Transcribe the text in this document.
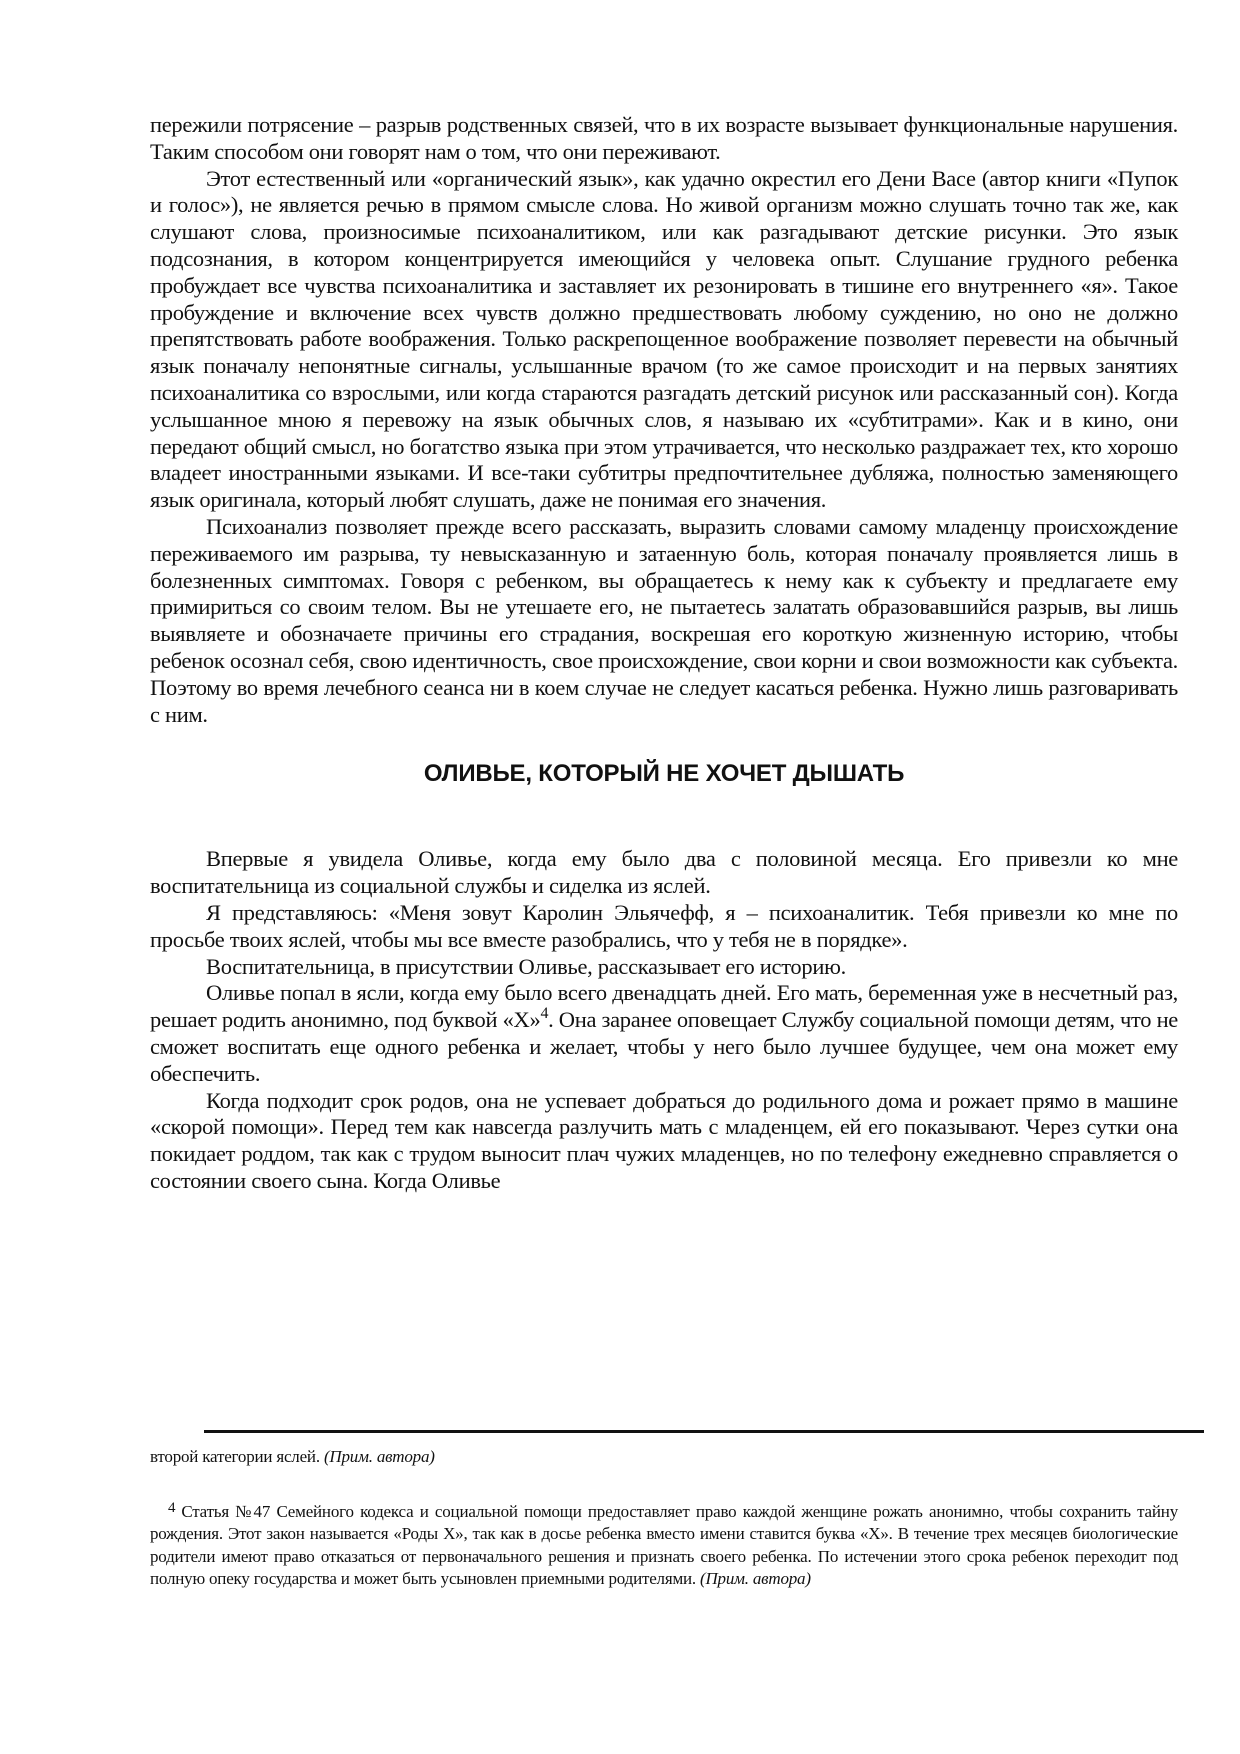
пережили потрясение – разрыв родственных связей, что в их возрасте вызывает функциональные нарушения. Таким способом они говорят нам о том, что они переживают.

Этот естественный или «органический язык», как удачно окрестил его Дени Васе (автор книги «Пупок и голос»), не является речью в прямом смысле слова. Но живой организм можно слушать точно так же, как слушают слова, произносимые психоаналитиком, или как разгадывают детские рисунки. Это язык подсознания, в котором концентрируется имеющийся у человека опыт. Слушание грудного ребенка пробуждает все чувства психоаналитика и заставляет их резонировать в тишине его внутреннего «я». Такое пробуждение и включение всех чувств должно предшествовать любому суждению, но оно не должно препятствовать работе воображения. Только раскрепощенное воображение позволяет перевести на обычный язык поначалу непонятные сигналы, услышанные врачом (то же самое происходит и на первых занятиях психоаналитика со взрослыми, или когда стараются разгадать детский рисунок или рассказанный сон). Когда услышанное мною я перевожу на язык обычных слов, я называю их «субтитрами». Как и в кино, они передают общий смысл, но богатство языка при этом утрачивается, что несколько раздражает тех, кто хорошо владеет иностранными языками. И все-таки субтитры предпочтительнее дубляжа, полностью заменяющего язык оригинала, который любят слушать, даже не понимая его значения.

Психоанализ позволяет прежде всего рассказать, выразить словами самому младенцу происхождение переживаемого им разрыва, ту невысказанную и затаенную боль, которая поначалу проявляется лишь в болезненных симптомах. Говоря с ребенком, вы обращаетесь к нему как к субъекту и предлагаете ему примириться со своим телом. Вы не утешаете его, не пытаетесь залатать образовавшийся разрыв, вы лишь выявляете и обозначаете причины его страдания, воскрешая его короткую жизненную историю, чтобы ребенок осознал себя, свою идентичность, свое происхождение, свои корни и свои возможности как субъекта. Поэтому во время лечебного сеанса ни в коем случае не следует касаться ребенка. Нужно лишь разговаривать с ним.

ОЛИВЬЕ, КОТОРЫЙ НЕ ХОЧЕТ ДЫШАТЬ

Впервые я увидела Оливье, когда ему было два с половиной месяца. Его привезли ко мне воспитательница из социальной службы и сиделка из яслей.

Я представляюсь: «Меня зовут Каролин Эльячефф, я – психоаналитик. Тебя привезли ко мне по просьбе твоих яслей, чтобы мы все вместе разобрались, что у тебя не в порядке».

Воспитательница, в присутствии Оливье, рассказывает его историю.

Оливье попал в ясли, когда ему было всего двенадцать дней. Его мать, беременная уже в несчетный раз, решает родить анонимно, под буквой «Х»$^4$. Она заранее оповещает Службу социальной помощи детям, что не сможет воспитать еще одного ребенка и желает, чтобы у него было лучшее будущее, чем она может ему обеспечить.

Когда подходит срок родов, она не успевает добраться до родильного дома и рожает прямо в машине «скорой помощи». Перед тем как навсегда разлучить мать с младенцем, ей его показывают. Через сутки она покидает роддом, так как с трудом выносит плач чужих младенцев, но по телефону ежедневно справляется о состоянии своего сына. Когда Оливье

второй категории яслей. (Прим. автора)

4 Статья №47 Семейного кодекса и социальной помощи предоставляет право каждой женщине рожать анонимно, чтобы сохранить тайну рождения. Этот закон называется «Роды Х», так как в досье ребенка вместо имени ставится буква «Х». В течение трех месяцев биологические родители имеют право отказаться от первоначального решения и признать своего ребенка. По истечении этого срока ребенок переходит под полную опеку государства и может быть усыновлен приемными родителями. (Прим. автора)
